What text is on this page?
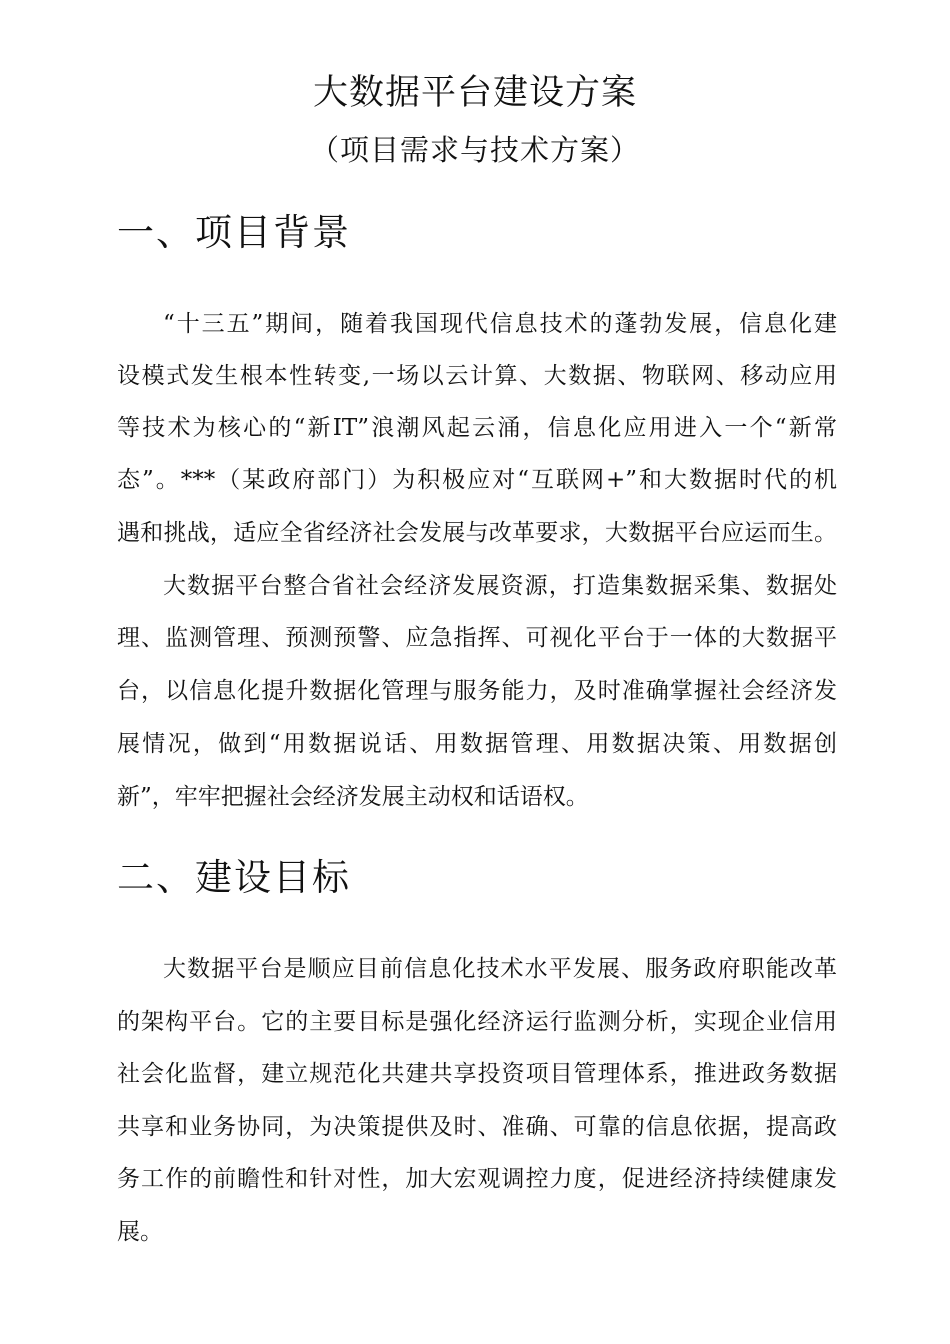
大数据平台建设方案
（项目需求与技术方案）
一、项目背景
“十三五”期间，随着我国现代信息技术的蓬勃发展，信息化建
设模式发生根本性转变,一场以云计算、大数据、物联网、移动应用
等技术为核心的“新IT”浪潮风起云涌，信息化应用进入一个“新常
态”。***（某政府部门）为积极应对“互联网+”和大数据时代的机
遇和挑战，适应全省经济社会发展与改革要求，大数据平台应运而生。
大数据平台整合省社会经济发展资源，打造集数据采集、数据处
理、监测管理、预测预警、应急指挥、可视化平台于一体的大数据平
台，以信息化提升数据化管理与服务能力，及时准确掌握社会经济发
展情况，做到“用数据说话、用数据管理、用数据决策、用数据创
新”，牢牢把握社会经济发展主动权和话语权。
二、建设目标
大数据平台是顺应目前信息化技术水平发展、服务政府职能改革
的架构平台。它的主要目标是强化经济运行监测分析，实现企业信用
社会化监督，建立规范化共建共享投资项目管理体系，推进政务数据
共享和业务协同，为决策提供及时、准确、可靠的信息依据，提高政
务工作的前瞻性和针对性，加大宏观调控力度，促进经济持续健康发
展。
